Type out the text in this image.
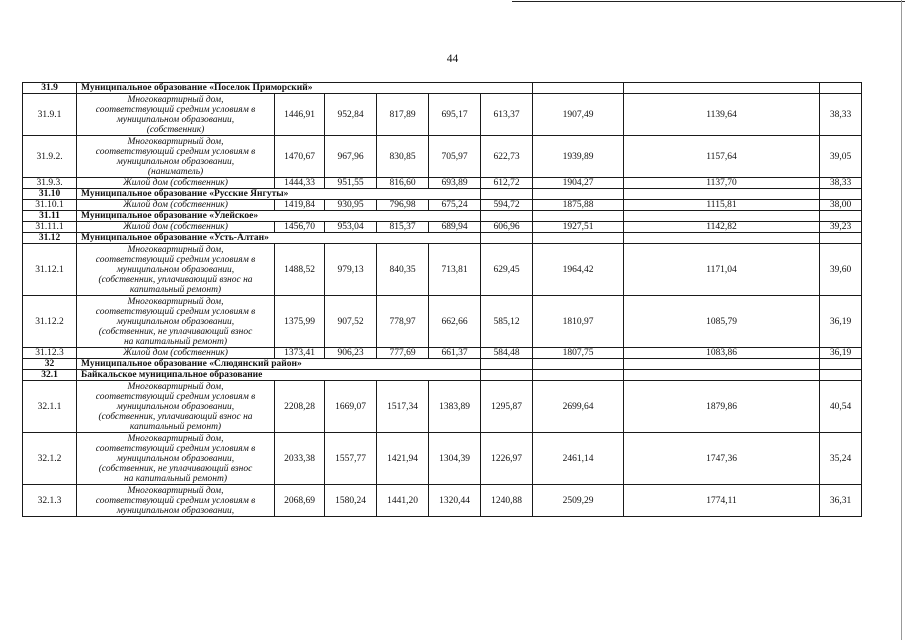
44
31.9	Муниципальное образование «Поселок Приморский»								
31.9.1	Многоквартирный дом,
соответствующий средним условиям в
муниципальном образовании,
(собственник)	1446,91	952,84	817,89	695,17	613,37	1907,49	1139,64	38,33
31.9.2.	Многоквартирный дом,
соответствующий средним условиям в
муниципальном образовании,
(наниматель)	1470,67	967,96	830,85	705,97	622,73	1939,89	1157,64	39,05
31.9.3.	Жилой дом (собственник)	1444,33	951,55	816,60	693,89	612,72	1904,27	1137,70	38,33
31.10	Муниципальное образование «Русские Янгуты»								
31.10.1	Жилой дом (собственник)	1419,84	930,95	796,98	675,24	594,72	1875,88	1115,81	38,00
31.11	Муниципальное образование «Улейское»								
31.11.1	Жилой дом (собственник)	1456,70	953,04	815,37	689,94	606,96	1927,51	1142,82	39,23
31.12	Муниципальное образование «Усть-Алтан»								
31.12.1	Многоквартирный дом,
соответствующий средним условиям в
муниципальном образовании,
(собственник, уплачивающий взнос на
капитальный ремонт)	1488,52	979,13	840,35	713,81	629,45	1964,42	1171,04	39,60
31.12.2	Многоквартирный дом,
соответствующий средним условиям в
муниципальном образовании,
(собственник, не уплачивающий взнос
на капитальный ремонт)	1375,99	907,52	778,97	662,66	585,12	1810,97	1085,79	36,19
31.12.3	Жилой дом (собственник)	1373,41	906,23	777,69	661,37	584,48	1807,75	1083,86	36,19
32	Муниципальное образование «Слюдянский район»								
32.1	Байкальское муниципальное образование								
32.1.1	Многоквартирный дом,
соответствующий средним условиям в
муниципальном образовании,
(собственник, уплачивающий взнос на
капитальный ремонт)	2208,28	1669,07	1517,34	1383,89	1295,87	2699,64	1879,86	40,54
32.1.2	Многоквартирный дом,
соответствующий средним условиям в
муниципальном образовании,
(собственник, не уплачивающий взнос
на капитальный ремонт)	2033,38	1557,77	1421,94	1304,39	1226,97	2461,14	1747,36	35,24
32.1.3	Многоквартирный дом,
соответствующий средним условиям в
муниципальном образовании,	2068,69	1580,24	1441,20	1320,44	1240,88	2509,29	1774,11	36,31
